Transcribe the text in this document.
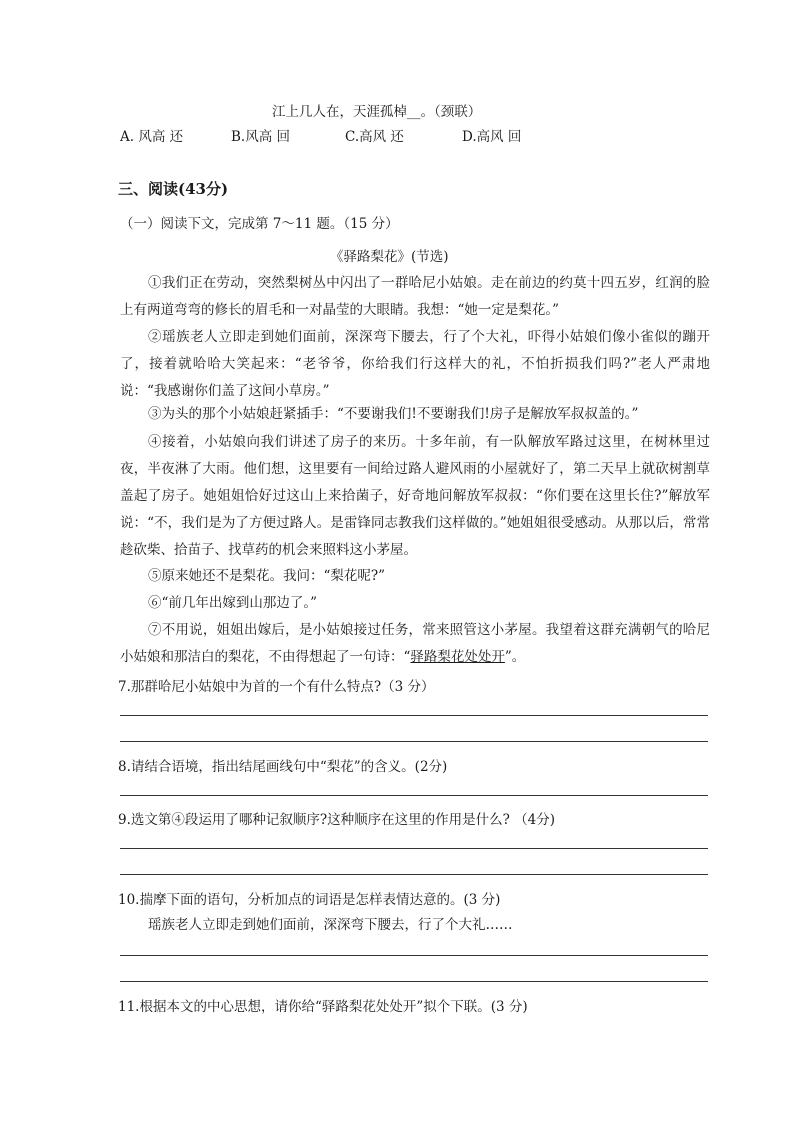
江上几人在，天涯孤棹__。（颈联）
A. 风高 还	B.风高 回	C.高风 还	D.高风 回
三、阅读(43分)
（一）阅读下文，完成第 7～11 题。（15 分）
《驿路梨花》(节选)
①我们正在劳动，突然梨树丛中闪出了一群哈尼小姑娘。走在前边的约莫十四五岁，红润的脸上有两道弯弯的修长的眉毛和一对晶莹的大眼睛。我想：“她一定是梨花。”
②瑶族老人立即走到她们面前，深深弯下腰去，行了个大礼，吓得小姑娘们像小雀似的蹦开了，接着就哈哈大笑起来：“老爷爷，你给我们行这样大的礼，不怕折损我们吗?”老人严肃地说：“我感谢你们盖了这间小草房。”
③为头的那个小姑娘赶紧插手：“不要谢我们!不要谢我们!房子是解放军叔叔盖的。”
④接着，小姑娘向我们讲述了房子的来历。十多年前，有一队解放军路过这里，在树林里过夜，半夜淋了大雨。他们想，这里要有一间给过路人避风雨的小屋就好了，第二天早上就砍树割草盖起了房子。她姐姐恰好过这山上来拾菌子，好奇地问解放军叔叔：“你们要在这里长住?”解放军说：“不，我们是为了方便过路人。是雷锋同志教我们这样做的。”她姐姐很受感动。从那以后，常常趁砍柴、拾苗子、找草药的机会来照料这小茅屋。
⑤原来她还不是梨花。我问：“梨花呢?”
⑥“前几年出嫁到山那边了。”
⑦不用说，姐姐出嫁后，是小姑娘接过任务，常来照管这小茅屋。我望着这群充满朝气的哈尼小姑娘和那洁白的梨花，不由得想起了一句诗：“驿路梨花处处开”。
7.那群哈尼小姑娘中为首的一个有什么特点?（3 分）
8.请结合语境，指出结尾画线句中“梨花”的含义。(2分)
9.选文第④段运用了哪种记叙顺序?这种顺序在这里的作用是什么? （4分)
10.揣摩下面的语句，分析加点的词语是怎样表情达意的。(3 分)
瑶族老人立即走到她们面前，深深弯下腰去，行了个大礼……
11.根据本文的中心思想，请你给“驿路梨花处处开”拟个下联。(3 分)
